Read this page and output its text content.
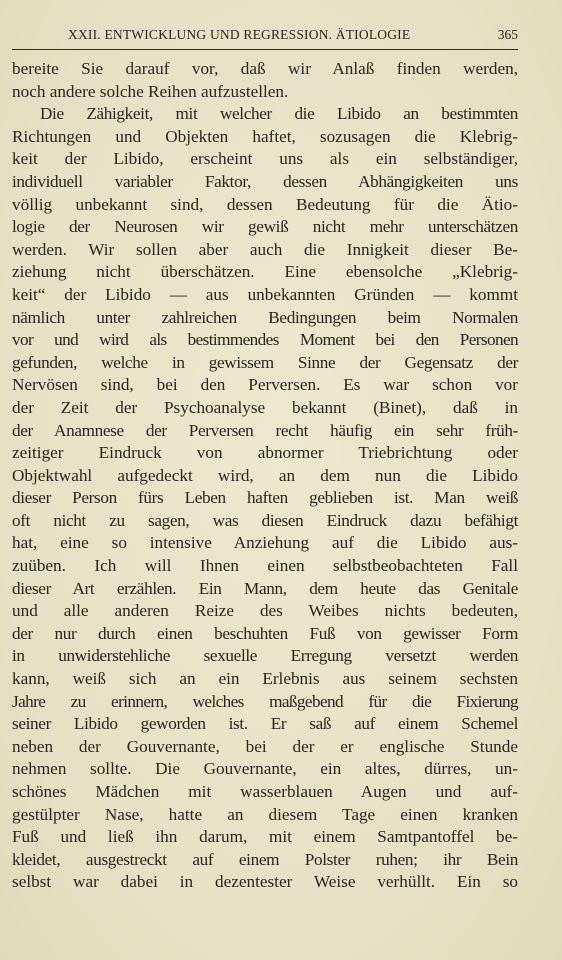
XXII. ENTWICKLUNG UND REGRESSION. ÄTIOLOGIE	365
bereite Sie darauf vor, daß wir Anlaß finden werden,
noch andere solche Reihen aufzustellen.
Die Zähigkeit, mit welcher die Libido an bestimmten
Richtungen und Objekten haftet, sozusagen die Klebrig-
keit der Libido, erscheint uns als ein selbständiger,
individuell variabler Faktor, dessen Abhängigkeiten uns
völlig unbekannt sind, dessen Bedeutung für die Ätio-
logie der Neurosen wir gewiß nicht mehr unterschätzen
werden. Wir sollen aber auch die Innigkeit dieser Be-
ziehung nicht überschätzen. Eine ebensolche „Klebrig-
keit“ der Libido — aus unbekannten Gründen — kommt
nämlich unter zahlreichen Bedingungen beim Normalen
vor und wird als bestimmendes Moment bei den Personen
gefunden, welche in gewissem Sinne der Gegensatz der
Nervösen sind, bei den Perversen. Es war schon vor
der Zeit der Psychoanalyse bekannt (Binet), daß in
der Anamnese der Perversen recht häufig ein sehr früh-
zeitiger Eindruck von abnormer Triebrichtung oder
Objektwahl aufgedeckt wird, an dem nun die Libido
dieser Person fürs Leben haften geblieben ist. Man weiß
oft nicht zu sagen, was diesen Eindruck dazu befähigt
hat, eine so intensive Anziehung auf die Libido aus-
zuüben. Ich will Ihnen einen selbstbeobachteten Fall
dieser Art erzählen. Ein Mann, dem heute das Genitale
und alle anderen Reize des Weibes nichts bedeuten,
der nur durch einen beschuhten Fuß von gewisser Form
in unwiderstehliche sexuelle Erregung versetzt werden
kann, weiß sich an ein Erlebnis aus seinem sechsten
Jahre zu erinnern, welches maßgebend für die Fixierung
seiner Libido geworden ist. Er saß auf einem Schemel
neben der Gouvernante, bei der er englische Stunde
nehmen sollte. Die Gouvernante, ein altes, dürres, un-
schönes Mädchen mit wasserblauen Augen und auf-
gestülpter Nase, hatte an diesem Tage einen kranken
Fuß und ließ ihn darum, mit einem Samtpantoffel be-
kleidet, ausgestreckt auf einem Polster ruhen; ihr Bein
selbst war dabei in dezentester Weise verhüllt. Ein so
